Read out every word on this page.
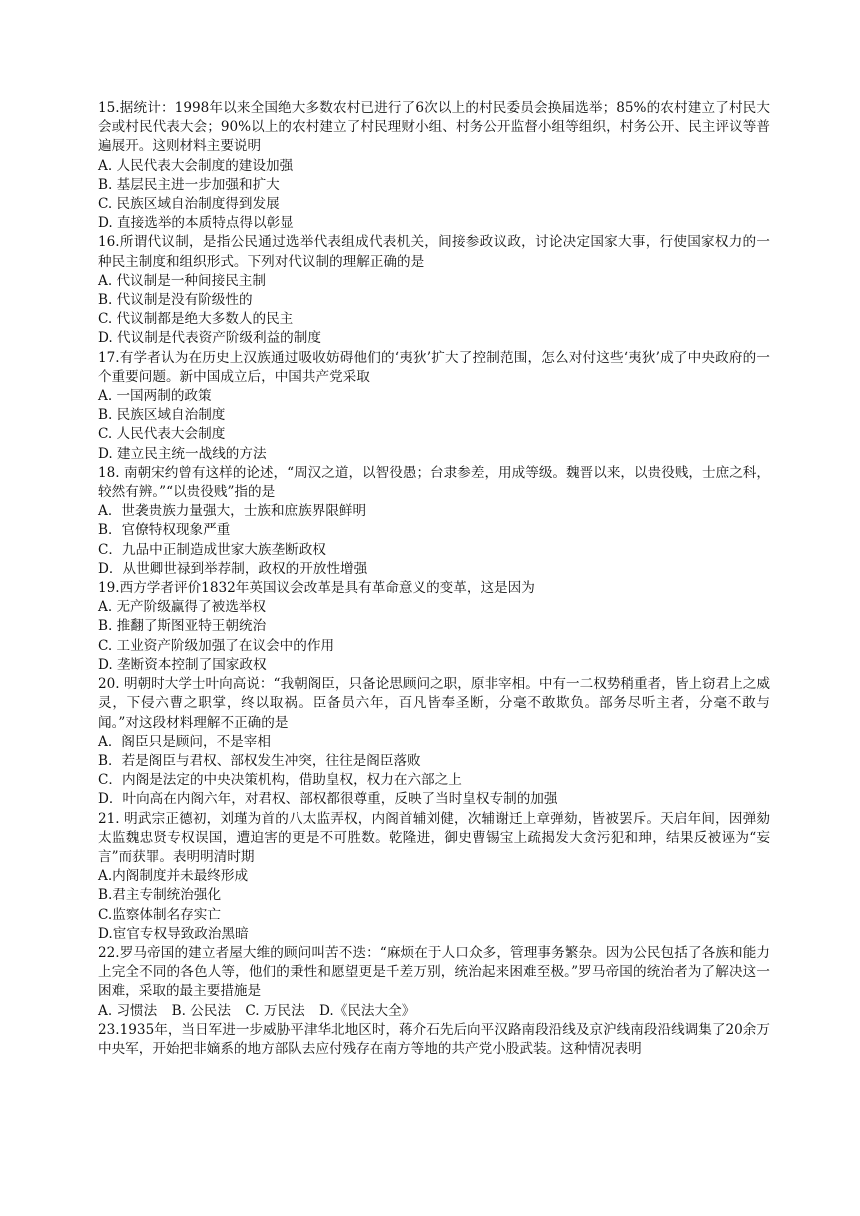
15.据统计：1998年以来全国绝大多数农村已进行了6次以上的村民委员会换届选举；85%的农村建立了村民大会或村民代表大会；90%以上的农村建立了村民理财小组、村务公开监督小组等组织，村务公开、民主评议等普遍展开。这则材料主要说明

A. 人民代表大会制度的建设加强

B. 基层民主进一步加强和扩大

C. 民族区域自治制度得到发展

D. 直接选举的本质特点得以彰显

16.所谓代议制，是指公民通过选举代表组成代表机关，间接参政议政，讨论决定国家大事，行使国家权力的一种民主制度和组织形式。下列对代议制的理解正确的是

A. 代议制是一种间接民主制

B. 代议制是没有阶级性的

C. 代议制都是绝大多数人的民主

D. 代议制是代表资产阶级利益的制度

17.有学者认为在历史上汉族通过吸收妨碍他们的‘夷狄’扩大了控制范围，怎么对付这些‘夷狄’成了中央政府的一个重要问题。新中国成立后，中国共产党采取

A. 一国两制的政策

B. 民族区域自治制度

C. 人民代表大会制度

D. 建立民主统一战线的方法

18. 南朝宋约曾有这样的论述，“周汉之道，以智役愚；台隶参差，用成等级。魏晋以来，以贵役贱，士庶之科，较然有辨。”“以贵役贱”指的是

A．世袭贵族力量强大，士族和庶族界限鲜明

B．官僚特权现象严重

C．九品中正制造成世家大族垄断政权

D．从世卿世禄到举荐制，政权的开放性增强

19.西方学者评价1832年英国议会改革是具有革命意义的变革，这是因为

A. 无产阶级赢得了被选举权

B. 推翻了斯图亚特王朝统治

C. 工业资产阶级加强了在议会中的作用

D. 垄断资本控制了国家政权

20. 明朝时大学士叶向高说：“我朝阁臣，只备论思顾问之职，原非宰相。中有一二权势稍重者，皆上窃君上之威灵，下侵六曹之职掌，终以取祸。臣备员六年，百凡皆奉圣断，分毫不敢欺负。部务尽听主者，分毫不敢与闻。”对这段材料理解不正确的是

A．阁臣只是顾问，不是宰相

B．若是阁臣与君权、部权发生冲突，往往是阁臣落败

C．内阁是法定的中央决策机构，借助皇权，权力在六部之上

D．叶向高在内阁六年，对君权、部权都很尊重，反映了当时皇权专制的加强

21. 明武宗正德初，刘瑾为首的八太监弄权，内阁首辅刘健，次辅谢迁上章弹劾，皆被罢斥。天启年间，因弹劾太监魏忠贤专权误国，遭迫害的更是不可胜数。乾隆进，御史曹锡宝上疏揭发大贪污犯和珅，结果反被诬为“妄言”而获罪。表明明清时期

A.内阁制度并未最终形成

B.君主专制统治强化

C.监察体制名存实亡

D.宦官专权导致政治黑暗

22.罗马帝国的建立者屋大维的顾问叫苦不迭：“麻烦在于人口众多，管理事务繁杂。因为公民包括了各族和能力上完全不同的各色人等，他们的秉性和愿望更是千差万别，统治起来困难至极。”罗马帝国的统治者为了解决这一困难，采取的最主要措施是

A. 习惯法 B. 公民法 C. 万民法 D.《民法大全》

23.1935年，当日军进一步威胁平津华北地区时，蒋介石先后向平汉路南段沿线及京沪线南段沿线调集了20余万中央军，开始把非嫡系的地方部队去应付残存在南方等地的共产党小股武装。这种情况表明
